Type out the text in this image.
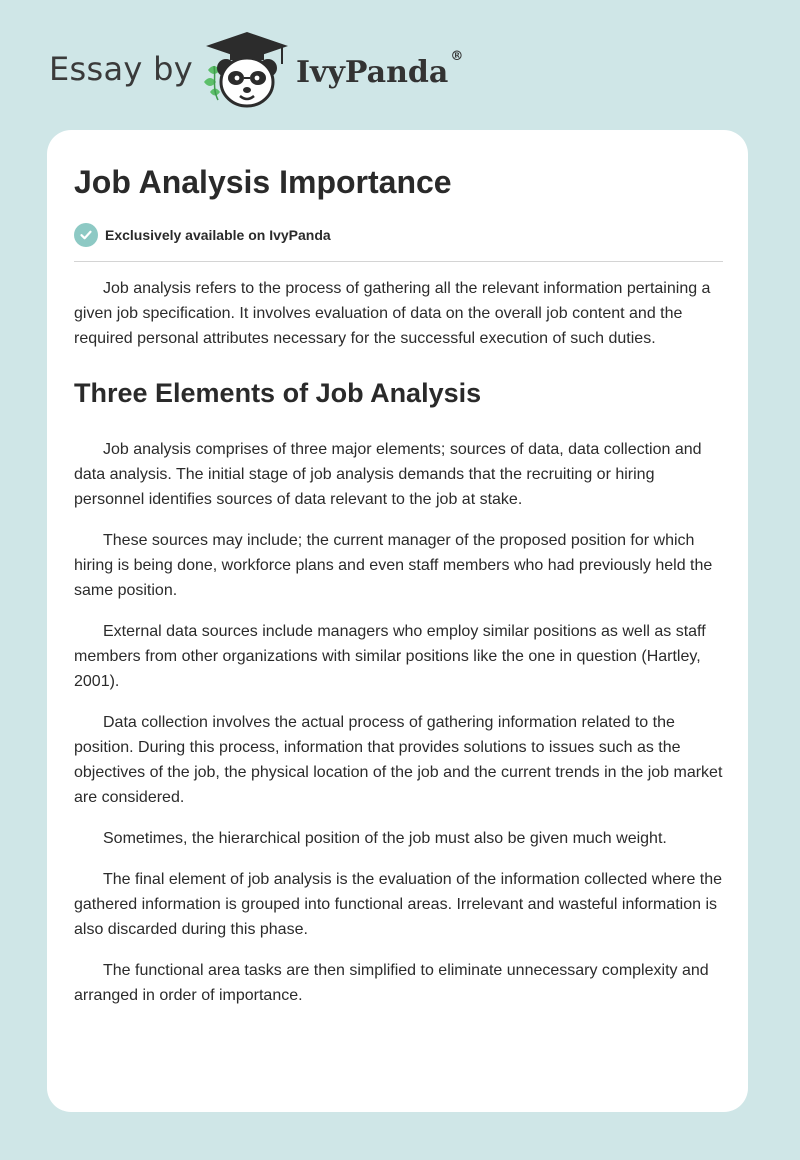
Essay by	IvyPanda ®
Job Analysis Importance
Exclusively available on IvyPanda

Job analysis refers to the process of gathering all the relevant information pertaining a given job specification. It involves evaluation of data on the overall job content and the required personal attributes necessary for the successful execution of such duties.

Three Elements of Job Analysis

Job analysis comprises of three major elements; sources of data, data collection and data analysis. The initial stage of job analysis demands that the recruiting or hiring personnel identifies sources of data relevant to the job at stake.

These sources may include; the current manager of the proposed position for which hiring is being done, workforce plans and even staff members who had previously held the same position.

External data sources include managers who employ similar positions as well as staff members from other organizations with similar positions like the one in question (Hartley, 2001).

Data collection involves the actual process of gathering information related to the position. During this process, information that provides solutions to issues such as the objectives of the job, the physical location of the job and the current trends in the job market are considered.

Sometimes, the hierarchical position of the job must also be given much weight.

The final element of job analysis is the evaluation of the information collected where the gathered information is grouped into functional areas. Irrelevant and wasteful information is also discarded during this phase.

The functional area tasks are then simplified to eliminate unnecessary complexity and arranged in order of importance.
